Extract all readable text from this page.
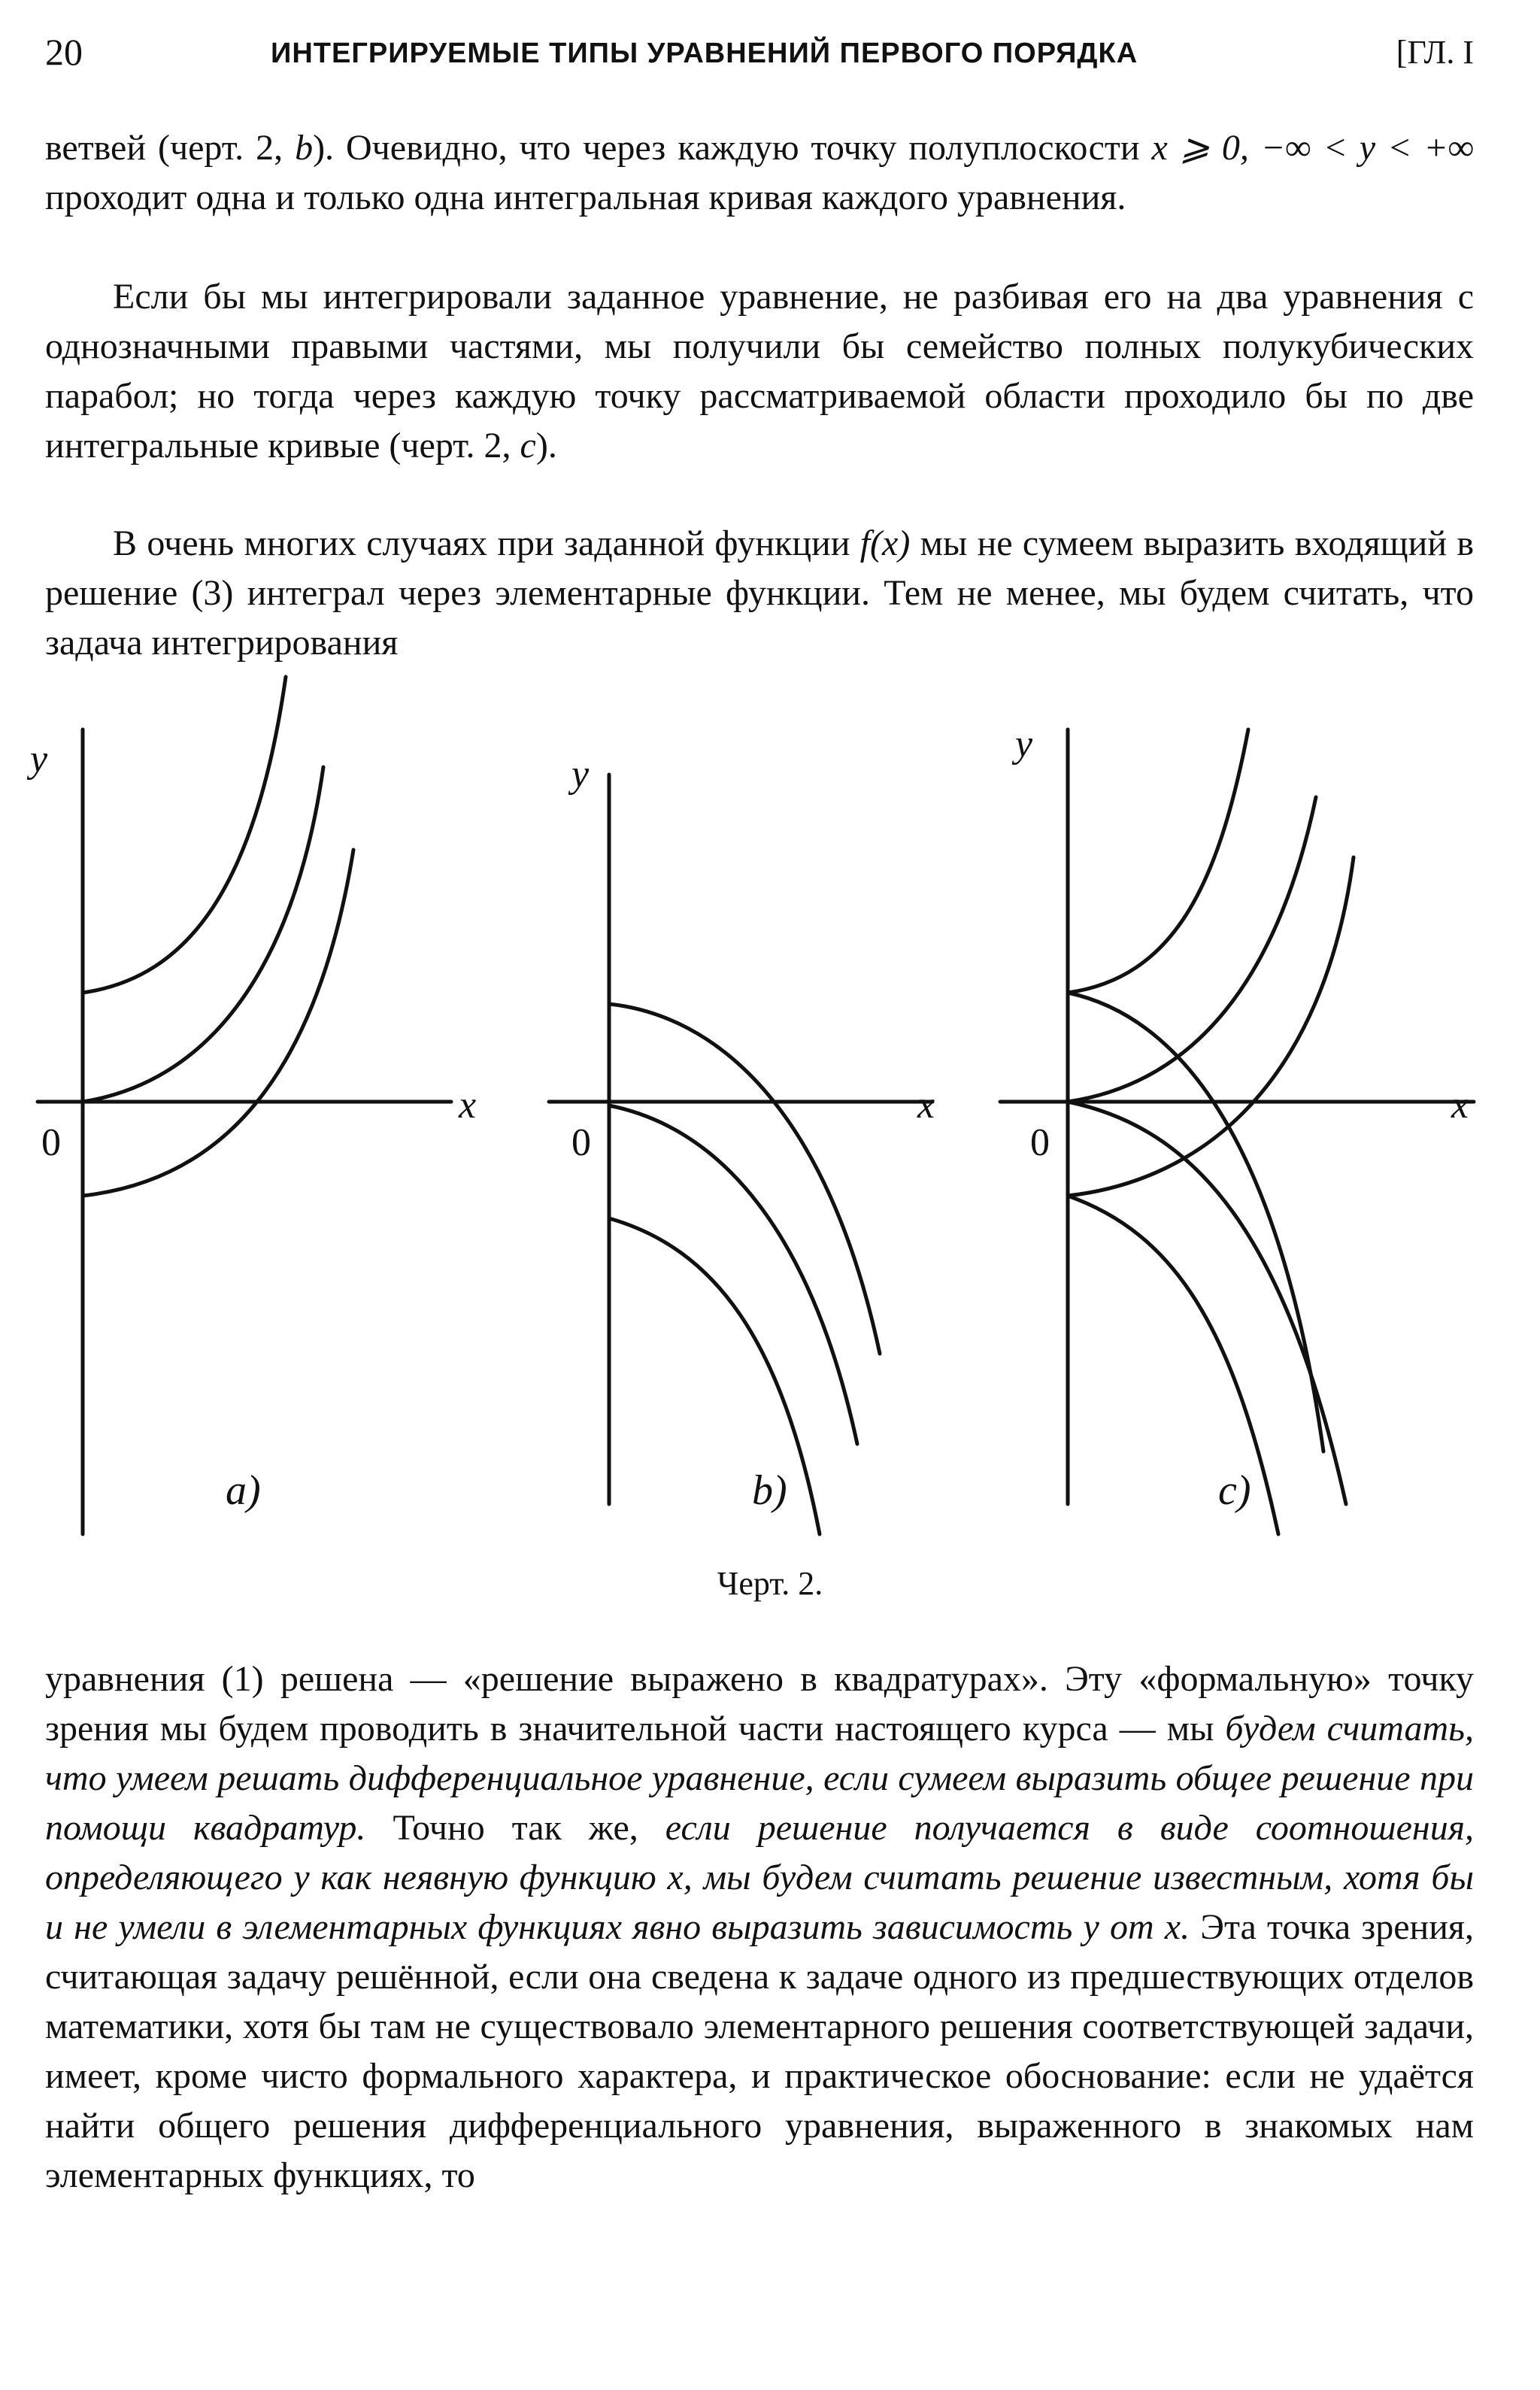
20	ИНТЕГРИРУЕМЫЕ ТИПЫ УРАВНЕНИЙ ПЕРВОГО ПОРЯДКА	[ГЛ. I

ветвей (черт. 2, b). Очевидно, что через каждую точку полуплоскости x ⩾ 0, −∞ < y < +∞ проходит одна и только одна интегральная кривая каждого уравнения.

Если бы мы интегрировали заданное уравнение, не разбивая его на два уравнения с однозначными правыми частями, мы получили бы семейство полных полукубических парабол; но тогда через каждую точку рассматриваемой области проходило бы по две интегральные кривые (черт. 2, c).

В очень многих случаях при заданной функции f(x) мы не сумеем выразить входящий в решение (3) интеграл через элементарные функции. Тем не менее, мы будем считать, что задача интегрирования

y
x
0
a)
y
x
0
b)
y
x
0
c)
Черт. 2.

уравнения (1) решена — «решение выражено в квадратурах». Эту «формальную» точку зрения мы будем проводить в значительной части настоящего курса — мы будем считать, что умеем решать дифференциальное уравнение, если сумеем выразить общее решение при помощи квадратур. Точно так же, если решение получается в виде соотношения, определяющего y как неявную функцию x, мы будем считать решение известным, хотя бы и не умели в элементарных функциях явно выразить зависимость y от x. Эта точка зрения, считающая задачу решённой, если она сведена к задаче одного из предшествующих отделов математики, хотя бы там не существовало элементарного решения соответствующей задачи, имеет, кроме чисто формального характера, и практическое обоснование: если не удаётся найти общего решения дифференциального уравнения, выраженного в знакомых нам элементарных функциях, то
